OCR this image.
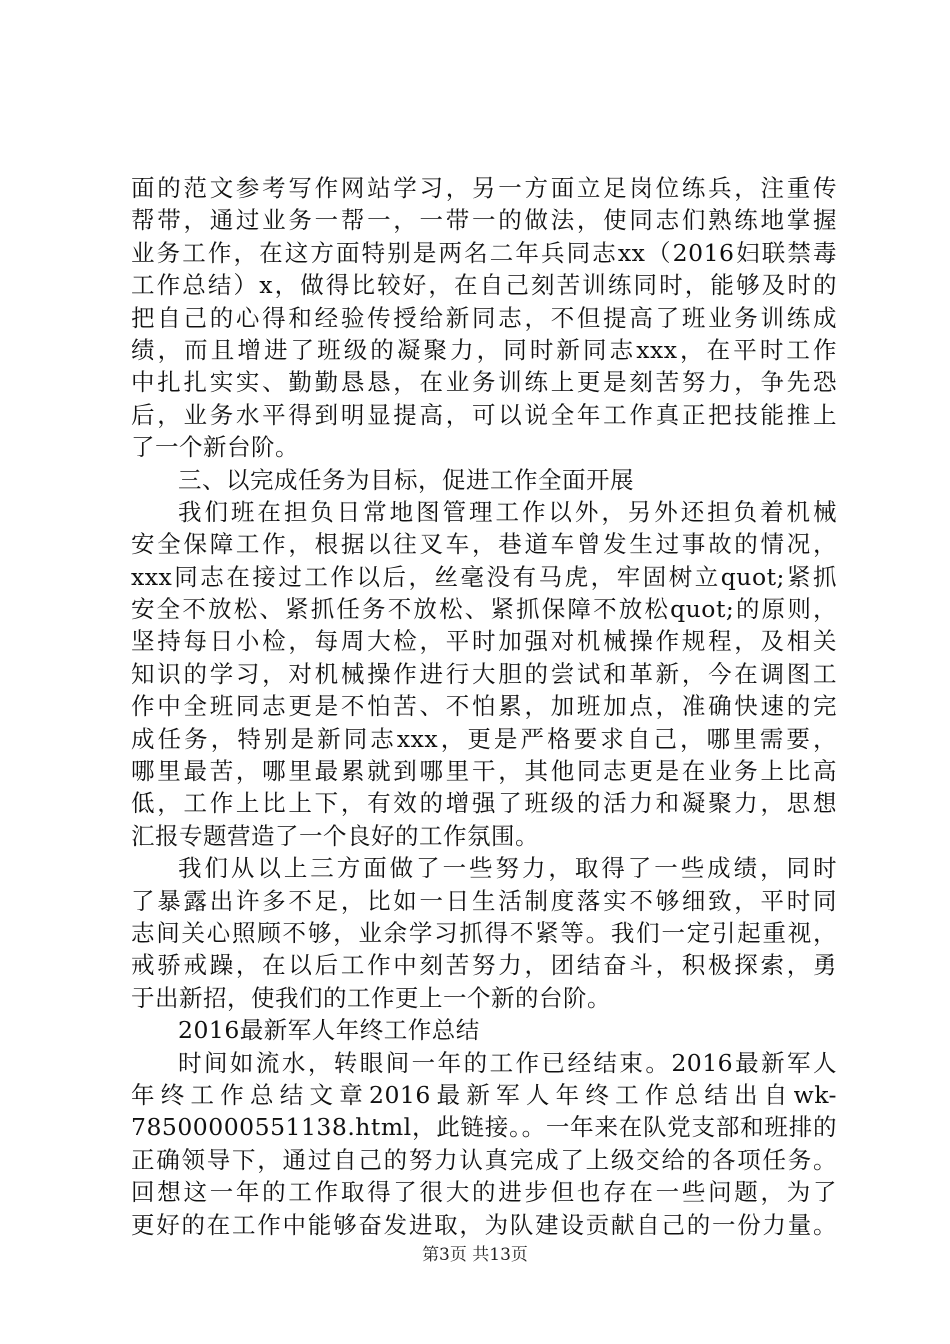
面的范文参考写作网站学习，另一方面立足岗位练兵，注重传
帮带，通过业务一帮一，一带一的做法，使同志们熟练地掌握
业务工作，在这方面特别是两名二年兵同志xx（2016妇联禁毒
工作总结）x，做得比较好，在自己刻苦训练同时，能够及时的
把自己的心得和经验传授给新同志，不但提高了班业务训练成
绩，而且增进了班级的凝聚力，同时新同志xxx，在平时工作
中扎扎实实、勤勤恳恳，在业务训练上更是刻苦努力，争先恐
后，业务水平得到明显提高，可以说全年工作真正把技能推上
了一个新台阶。
三、以完成任务为目标，促进工作全面开展
我们班在担负日常地图管理工作以外，另外还担负着机械
安全保障工作，根据以往叉车，巷道车曾发生过事故的情况，
xxx同志在接过工作以后，丝毫没有马虎，牢固树立quot;紧抓
安全不放松、紧抓任务不放松、紧抓保障不放松quot;的原则，
坚持每日小检，每周大检，平时加强对机械操作规程，及相关
知识的学习，对机械操作进行大胆的尝试和革新，今在调图工
作中全班同志更是不怕苦、不怕累，加班加点，准确快速的完
成任务，特别是新同志xxx，更是严格要求自己，哪里需要，
哪里最苦，哪里最累就到哪里干，其他同志更是在业务上比高
低，工作上比上下，有效的增强了班级的活力和凝聚力，思想
汇报专题营造了一个良好的工作氛围。
我们从以上三方面做了一些努力，取得了一些成绩，同时
了暴露出许多不足，比如一日生活制度落实不够细致，平时同
志间关心照顾不够，业余学习抓得不紧等。我们一定引起重视，
戒骄戒躁，在以后工作中刻苦努力，团结奋斗，积极探索，勇
于出新招，使我们的工作更上一个新的台阶。
2016最新军人年终工作总结
时间如流水，转眼间一年的工作已经结束。2016最新军人
年终工作总结文章2016最新军人年终工作总结出自wk-
78500000551138.html，此链接。。一年来在队党支部和班排的
正确领导下，通过自己的努力认真完成了上级交给的各项任务。
回想这一年的工作取得了很大的进步但也存在一些问题，为了
更好的在工作中能够奋发进取，为队建设贡献自己的一份力量。
第3页 共13页
